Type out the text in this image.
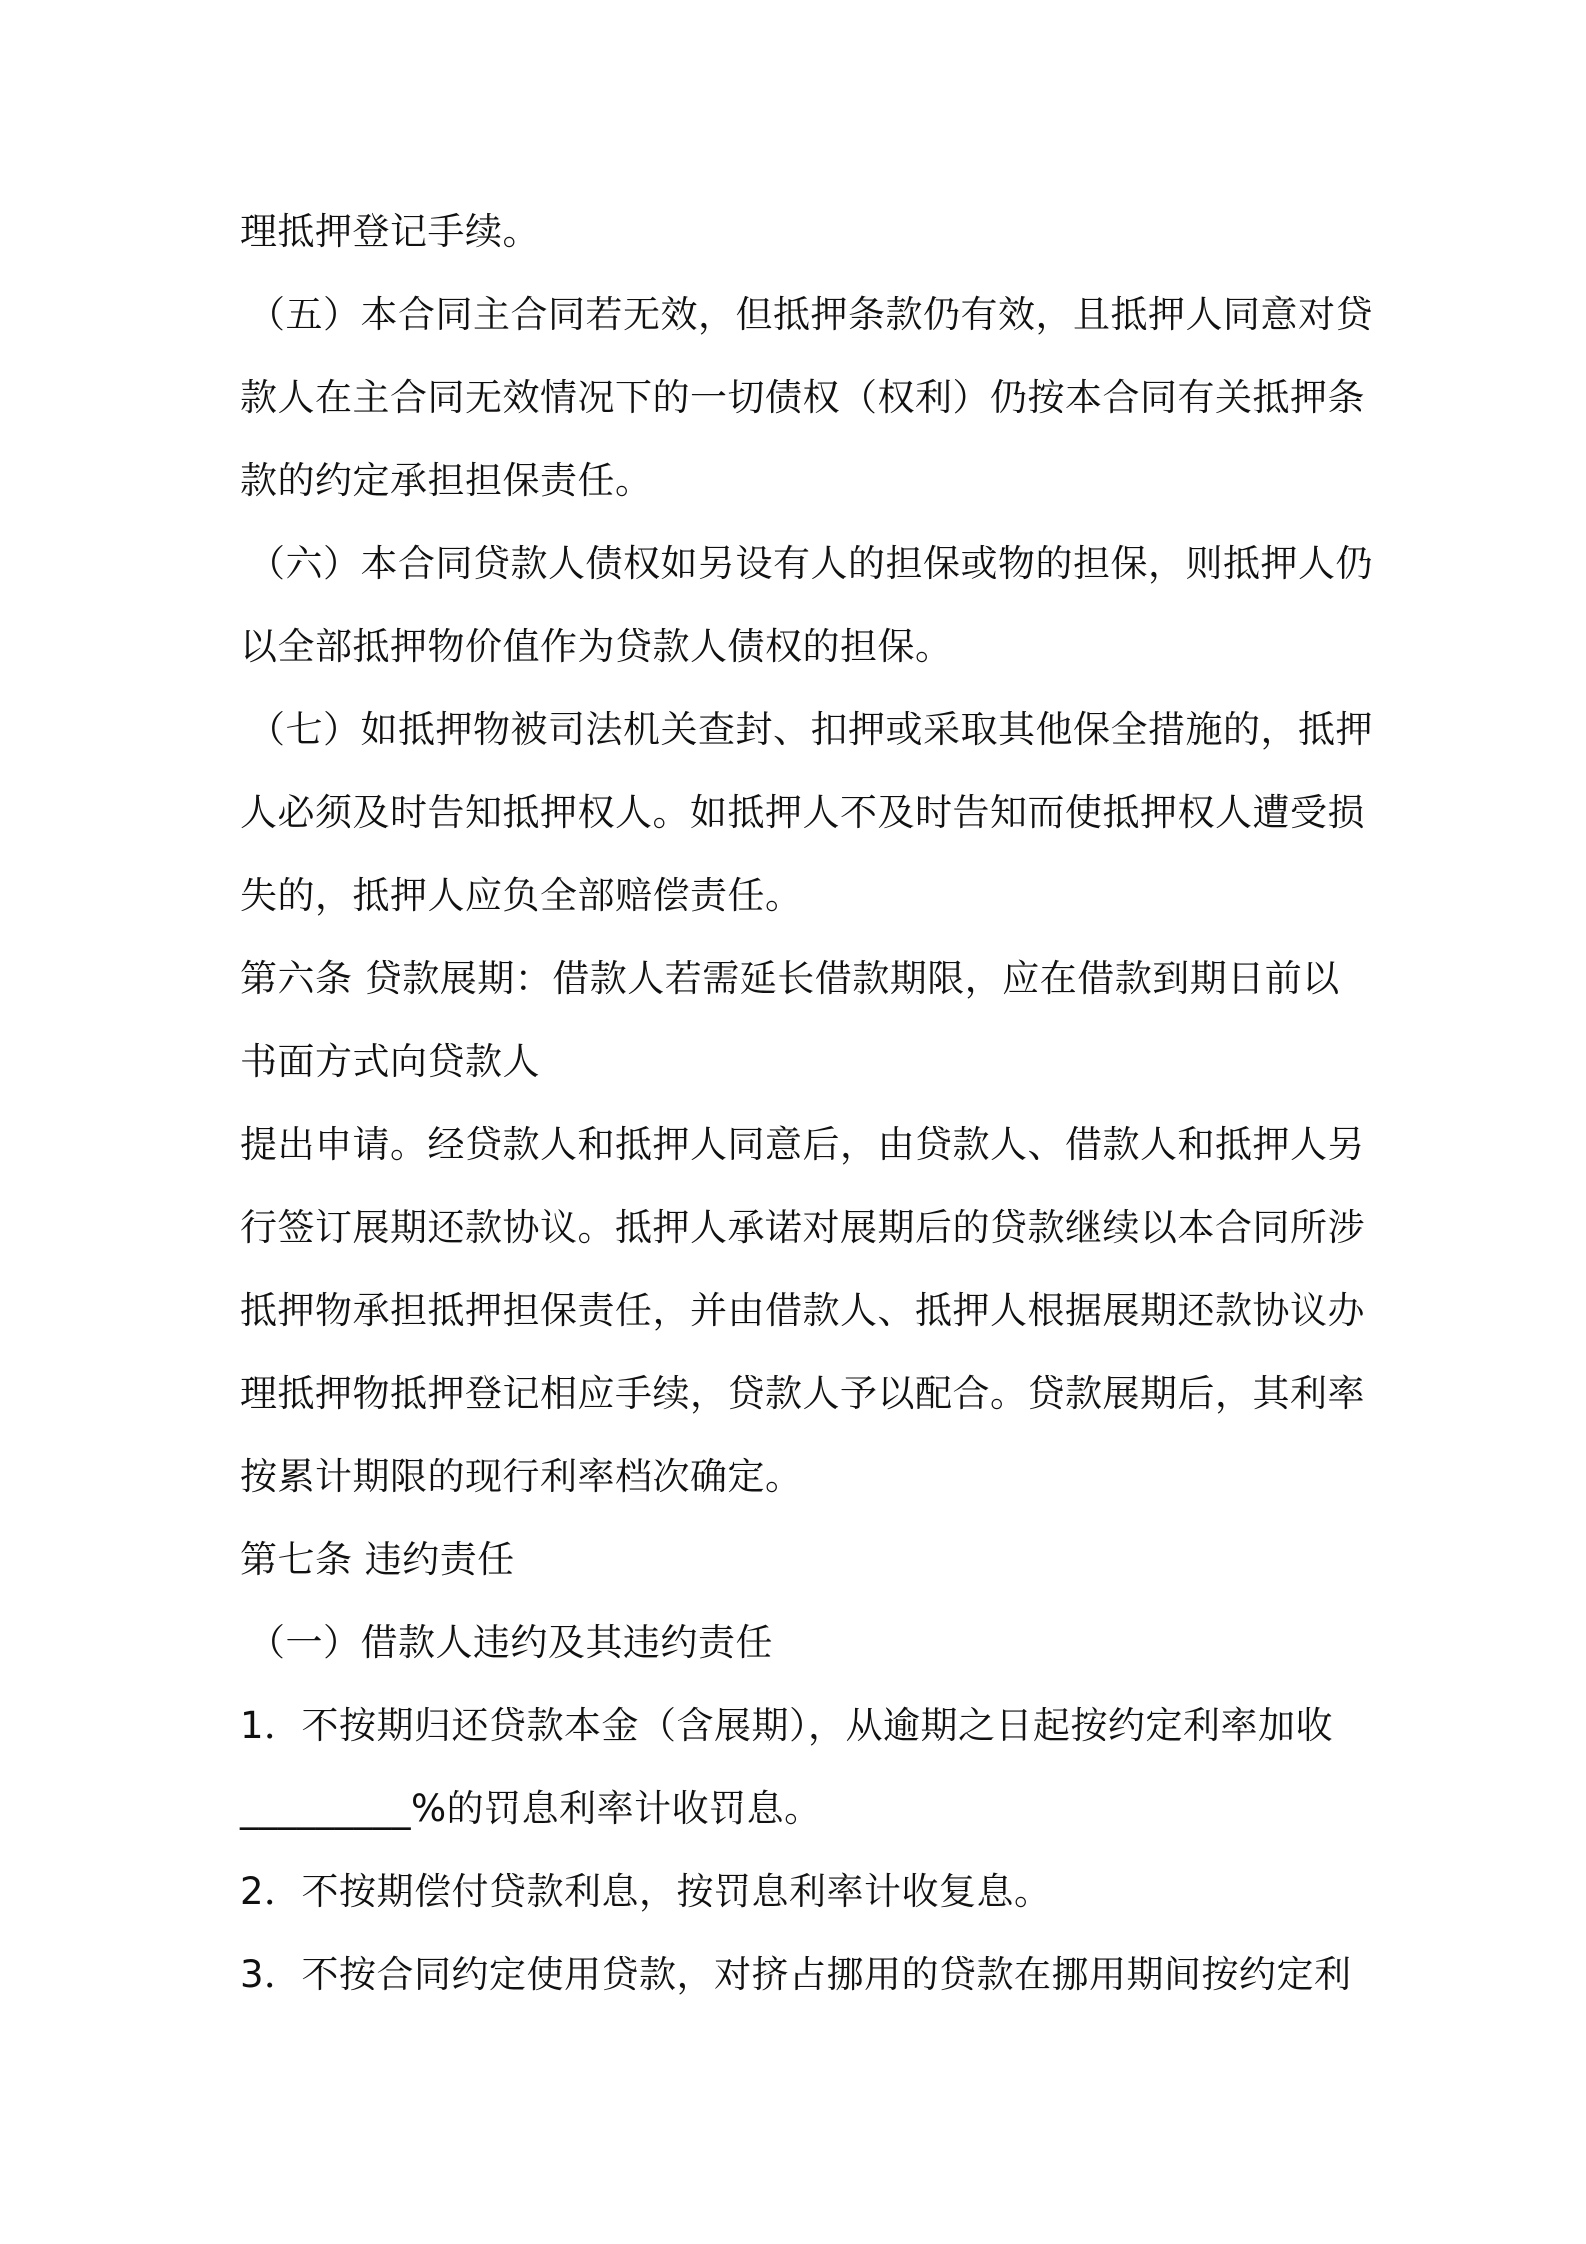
理抵押登记手续。
（五）本合同主合同若无效，但抵押条款仍有效，且抵押人同意对贷
款人在主合同无效情况下的一切债权（权利）仍按本合同有关抵押条
款的约定承担担保责任。
（六）本合同贷款人债权如另设有人的担保或物的担保，则抵押人仍
以全部抵押物价值作为贷款人债权的担保。
（七）如抵押物被司法机关查封、扣押或采取其他保全措施的，抵押
人必须及时告知抵押权人。如抵押人不及时告知而使抵押权人遭受损
失的，抵押人应负全部赔偿责任。
第六条 贷款展期：借款人若需延长借款期限，应在借款到期日前以
书面方式向贷款人
提出申请。经贷款人和抵押人同意后，由贷款人、借款人和抵押人另
行签订展期还款协议。抵押人承诺对展期后的贷款继续以本合同所涉
抵押物承担抵押担保责任，并由借款人、抵押人根据展期还款协议办
理抵押物抵押登记相应手续，贷款人予以配合。贷款展期后，其利率
按累计期限的现行利率档次确定。
第七条 违约责任
（一）借款人违约及其违约责任
1．不按期归还贷款本金（含展期），从逾期之日起按约定利率加收
_________%的罚息利率计收罚息。
2．不按期偿付贷款利息，按罚息利率计收复息。
3．不按合同约定使用贷款，对挤占挪用的贷款在挪用期间按约定利
